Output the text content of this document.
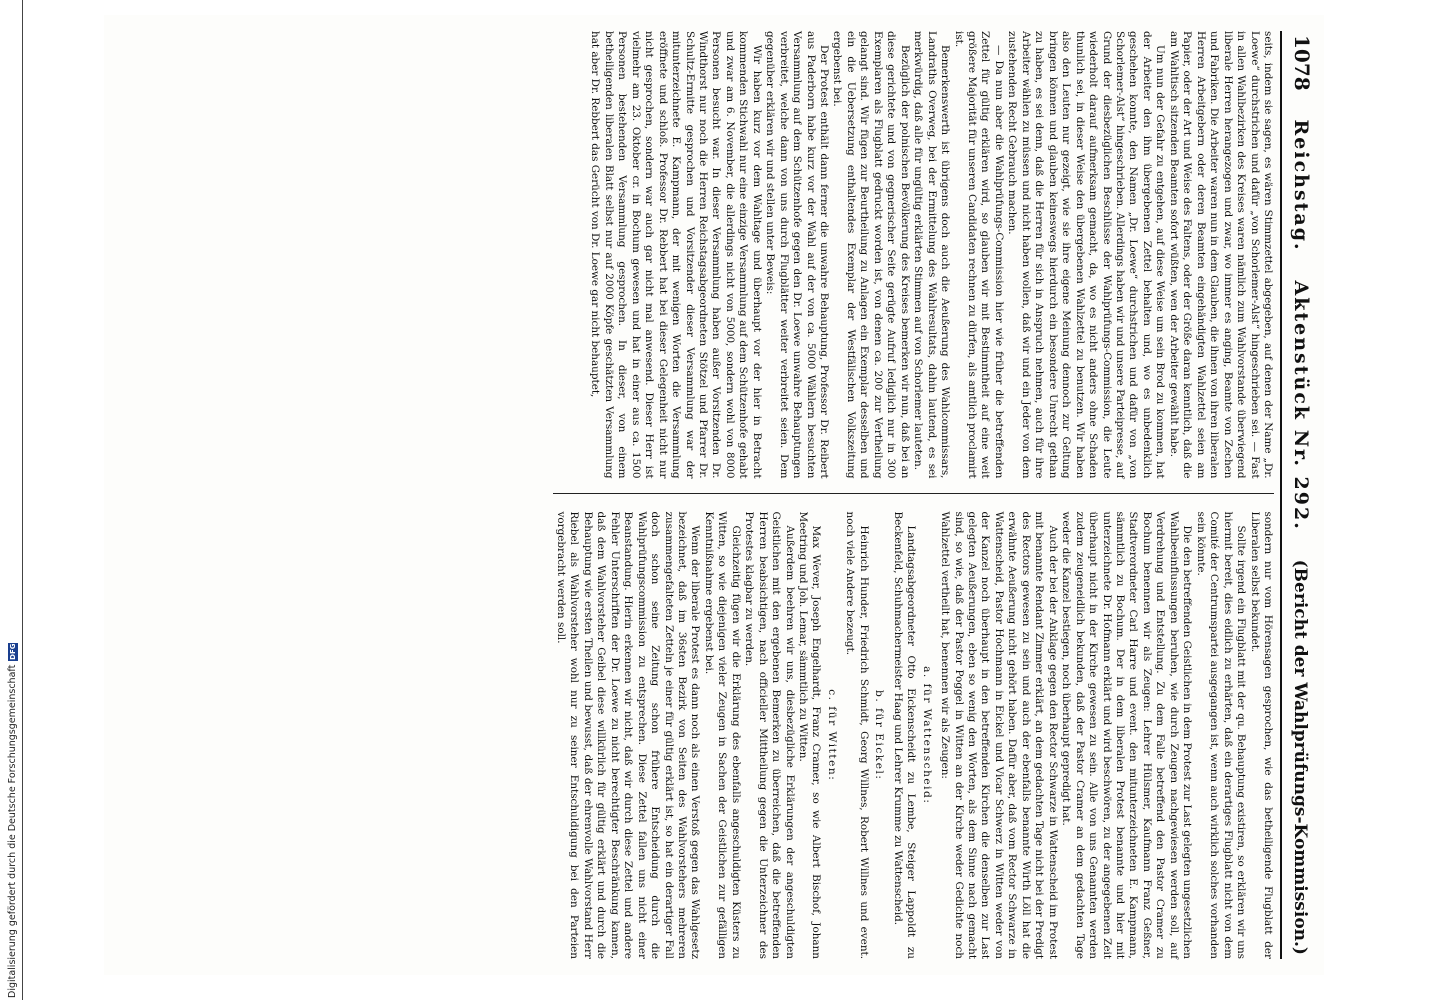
1078
Reichstag.
Aktenstück Nr. 292.
(Bericht der Wahlprüfungs-Kommission.)

seits, indem sie sagen, es wären Stimmzettel abgegeben, auf denen der Name „Dr. Loewe“ durchstrichen und dafür „von Schorlemer-Alst“ hingeschrieben sei. — Fast in allen Wahlbezirken des Kreises waren nämlich zum Wahlvorstande überwiegend liberale Herren herangezogen und zwar, wo immer es anging, Beamte von Zechen und Fabriken. Die Arbeiter waren nun in dem Glauben, die ihnen von ihren liberalen Herren Arbeitgebern oder deren Beamten eingehändigten Wahlzettel seien am Papier, oder der Art und Weise des Faltens, oder der Größe daran kenntlich, daß die am Wahltisch sitzenden Beamten sofort wüßten, wen der Arbeiter gewählt habe.

Um nun der Gefahr zu entgehen, auf diese Weise um sein Brod zu kommen, hat der Arbeiter den ihm übergebenen Zettel behalten und, wo es unbedenklich geschehen konnte, den Namen „Dr. Loewe“ durchstrichen und dafür von „von Schorlemer-Alst“ hingeschrieben. Allerdings haben wir und unsere Parteipresse, auf Grund der diesbezüglichen Beschlüsse der Wahlprüfungs-Commission, die Leute wiederholt darauf aufmerksam gemacht, da, wo es nicht anders ohne Schaden thunlich sei, in dieser Weise den übergebenen Wahlzettel zu benutzen. Wir haben also den Leuten nur gezeigt, wie sie ihre eigene Meinung dennoch zur Geltung bringen können und glauben keineswegs hierdurch ein besondere Unrecht gethan zu haben, es sei denn, daß die Herren für sich in Anspruch nehmen, auch für ihre Arbeiter wählen zu müssen und nicht haben wollen, daß wir und ein Jeder von dem zustehenden Recht Gebrauch machen.

— Da nun aber die Wahlprüfungs-Commission hier wie früher die betreffenden Zettel für gültig erklären wird, so glauben wir mit Bestimmtheit auf eine weit größere Majorität für unseren Candidaten rechnen zu dürfen, als amtlich proclamirt ist.

Bemerkenswerth ist übrigens doch auch die Aeußerung des Wahlcommissars, Landraths Overweg, bei der Ermittelung des Wahlresultats, dahin lautend, es sei merkwürdig, daß alle für ungültig erklärten Stimmen auf von Schorlemer lauteten.

Bezüglich der polnischen Bevölkerung des Kreises bemerken wir nun, daß bei an diese gerichtete und von gegnerischer Seite gerügte Aufruf lediglich nur in 300 Exemplaren als Flugblatt gedruckt worden ist, von denen ca. 200 zur Vertheilung gelangt sind. Wir fügen zur Beurtheilung zu Anlagen ein Exemplar desselben und ein die Uebersetzung enthaltendes Exemplar der Westfälischen Volkszeitung ergebenst bei.

Der Protest enthält dann ferner die unwahre Behauptung, Professor Dr. Reibert aus Paderborn habe kurz vor der Wahl auf der von ca. 5000 Wählern besuchten Versammlung auf dem Schützenhofe gegen den Dr. Loewe unwahre Behauptungen verbreitet, welche dann von uns durch Flugblätter weiter verbreitet seien. Dem gegenüber erklären wir und stellen unter Beweis:

Wir haben kurz vor dem Wahltage und überhaupt vor der hier in Betracht kommenden Stichwahl nur eine einzige Versammlung auf dem Schützenhofe gehabt und zwar am 6. November, die allerdings nicht von 5000, sondern wohl von 8000 Personen besucht war. In dieser Versammlung haben außer Vorsitzenden Dr. Windthorst nur noch die Herren Reichstagsabgeordneten Stötzel und Pfarrer Dr. Schultz-Ermitte gesprochen und Vorsitzender dieser Versammlung war der mitunterzeichnete E. Kampmann, der mit wenigen Worten die Versammlung eröffnete und schloß. Professor Dr. Rebbert hat bei dieser Gelegenheit nicht nur nicht gesprochen, sondern war auch gar nicht mal anwesend. Dieser Herr ist vielmehr am 23. Oktober cr. in Bochum gewesen und hat in einer aus ca. 1500 Personen bestehenden Versammlung gesprochen. In dieser, von einem betheiligenden liberalen Blatt selbst nur auf 2000 Köpfe geschätzten Versammlung hat aber Dr. Rebbert das Gerücht von Dr. Loewe gar nicht behauptet,

sondern nur vom Hörensagen gesprochen, wie das betheiligende Flugblatt der Liberalen selbst bekundet.

Sollte irgend ein Flugblatt mit der qu. Behauptung existiren, so erklären wir uns hiermit bereit, dies eidlich zu erhärten, daß ein derartiges Flugblatt nicht von dem Comité der Centrumspartei ausgegangen ist, wenn auch wirklich solches vorhanden sein könnte.

Die den betreffenden Geistlichen in dem Protest zur Last gelegten ungesetzlichen Wahlbeeinflussungen beruhen, wie durch Zeugen nachgewiesen werden soll, auf Verdrehung und Entstellung. Zu dem Falle betreffend den Pastor Cramer zu Bochum benennen wir als Zeugen: Lehrer Hülsmer, Kaufmann Franz Geßner, Stadtverordneter Carl Harre und event. den mitunterzeichneten E. Kampmann, sämmtlich zu Bochum. Der in dem liberalen Protest benannte und hier mit unterzeichnete Dr. Hofmann erklärt und wird beschwören, zu der angegebenen Zeit überhaupt nicht in der Kirche gewesen zu sein. Alle von uns Genannten werden zudem zeugeneidlich bekunden, daß der Pastor Cramer an dem gedachten Tage weder die Kanzel bestiegen, noch überhaupt gepredigt hat.

Auch der bei der Anklage gegen den Rector Schwarze in Wattenscheid im Protest mit benannte Rendant Zimmer erklärt, an dem gedachten Tage nicht bei der Predigt des Rectors gewesen zu sein und auch der ebenfalls benannte Wirth Löll hat die erwähnte Aeußerung nicht gehört haben. Dafür aber, daß vom Rector Schwarze in Wattenscheid, Pastor Hochmann in Eickel und Vicar Schwerz in Witten weder von der Kanzel noch überhaupt in den betreffenden Kirchen die denselben zur Last gelegten Aeußerungen, eben so wenig den Worten, als dem Sinne nach gemacht sind, so wie, daß der Pastor Poggel in Witten an der Kirche weder Gedichte noch Wahlzettel vertheilt hat, benennen wir als Zeugen:

a. für Wattenscheid:

Landtagsabgeordneter Otto Eickenscheidt zu Lembe, Steiger Lappoldt zu Beckenfeld, Schuhmachermeister Haag und Lehrer Krumme zu Wattenscheid.

b. für Eickel:

Heinrich Hunder, Friedrich Schmidt, Georg Willnes, Robert Willnes und event. noch viele Andere bezeugt.

c. für Witten:

Max Wever, Joseph Engelhardt, Franz Cramer, so wie Albert Bischof, Johann Meetring und Joh. Lemar, sämmtlich zu Witten.

Außerdem beehren wir uns, diesbezügliche Erklärungen der angeschuldigten Geistlichen mit den ergebenen Bemerken zu überreichen, daß die betreffenden Herren beabsichtigen, nach officieller Mittheilung gegen die Unterzeichner des Protestes klagbar zu werden.

Gleichzeitig fügen wir die Erklärung des ebenfalls angeschuldigten Küsters zu Witten, so wie diejenigen vieler Zeugen in Sachen der Geistlichen zur gefälligen Kenntnißnahme ergebenst bei.

Wenn der liberale Protest es dann noch als einen Verstoß gegen das Wahlgesetz bezeichnet, daß im 36sten Bezirk von Seiten des Wahlvorstehers mehreren zusammengefalteten Zetteln je einer für gültig erklärt ist, so hat ein derartiger Fall doch schon seine Zeitung schon frühere Entscheidung durch die Wahlprüfungscommission zu entsprechen. Diese Zettel fallen uns nicht einer Beanstandung. Hierin erkennen wir nicht, daß wir durch diese Zettel und andere Fehler Unterschriften der Dr. Loewe zu nicht berechtigter Beschränkung kamen, daß dem Wahlvorsteher Geibel diese willkürlich für gültig erklärt und durch die Behauptung wie ersten Theilen und bewusst, daß der ehrenvolle Wahlvorstand Herr Riebel als Wahlvorsteher wohl nur zu seiner Entschuldigung bei den Parteien vorgebracht werden soll.

Digitalisierung gefördert durch die Deutsche Forschungsgemeinschaft
DFG
